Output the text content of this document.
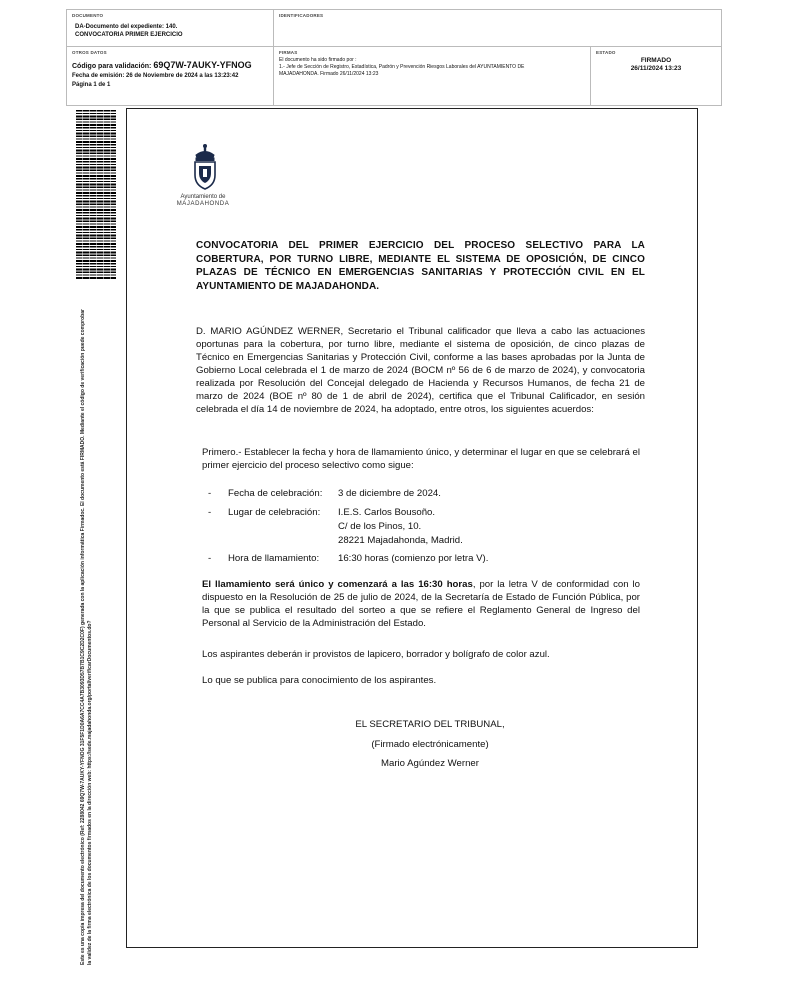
DOCUMENTO
DA-Documento del expediente: 140.
CONVOCATORIA PRIMER EJERCICIO
IDENTIFICADORES
OTROS DATOS
Código para validación: 69Q7W-7AUKY-YFNOG
Fecha de emisión: 26 de Noviembre de 2024 a las 13:23:42
Página 1 de 1
FIRMAS
El documento ha sido firmado por :
1.- Jefe de Sección de Registro, Estadística, Padrón y Prevención Riesgos Laborales del AYUNTAMIENTO DE
MAJADAHONDA. Firmado 26/11/2024 13:23
ESTADO
FIRMADO
26/11/2024 13:23
Este es una copia impresa del documento electrónico (Ref: 2288042 69Q7W-7AUKY-YFNOG 31F5F1D0A6A7CC4A7B3093D57B7B1C9C2D2C0F) generada con la aplicación informática Firmadoc. El documento está FIRMADO. Mediante el código de verificación puede comprobar la validez de la firma electrónica de los documentos firmados en la dirección web: https://sede.majadahonda.org/portal/verificarDocumentos.do?
Ayuntamiento de
MAJADAHONDA
CONVOCATORIA DEL PRIMER EJERCICIO DEL PROCESO SELECTIVO PARA LA COBERTURA, POR TURNO LIBRE, MEDIANTE EL SISTEMA DE OPOSICIÓN, DE CINCO PLAZAS DE TÉCNICO EN EMERGENCIAS SANITARIAS Y PROTECCIÓN CIVIL EN EL AYUNTAMIENTO DE MAJADAHONDA.
D. MARIO AGÚNDEZ WERNER, Secretario el Tribunal calificador que lleva a cabo las actuaciones oportunas para la cobertura, por turno libre, mediante el sistema de oposición, de cinco plazas de Técnico en Emergencias Sanitarias y Protección Civil, conforme a las bases aprobadas por la Junta de Gobierno Local celebrada el 1 de marzo de 2024 (BOCM nº 56 de 6 de marzo de 2024), y convocatoria realizada por Resolución del Concejal delegado de Hacienda y Recursos Humanos, de fecha 21 de marzo de 2024 (BOE nº 80 de 1 de abril de 2024), certifica que el Tribunal Calificador, en sesión celebrada el día 14 de noviembre de 2024, ha adoptado, entre otros, los siguientes acuerdos:
Primero.- Establecer la fecha y hora de llamamiento único, y determinar el lugar en que se celebrará el primer ejercicio del proceso selectivo como sigue:
- Fecha de celebración: 3 de diciembre de 2024.
- Lugar de celebración: I.E.S. Carlos Bousoño.
C/ de los Pinos, 10.
28221 Majadahonda, Madrid.
- Hora de llamamiento: 16:30 horas (comienzo por letra V).
El llamamiento será único y comenzará a las 16:30 horas, por la letra V de conformidad con lo dispuesto en la Resolución de 25 de julio de 2024, de la Secretaría de Estado de Función Pública, por la que se publica el resultado del sorteo a que se refiere el Reglamento General de Ingreso del Personal al Servicio de la Administración del Estado.
Los aspirantes deberán ir provistos de lapicero, borrador y bolígrafo de color azul.
Lo que se publica para conocimiento de los aspirantes.
EL SECRETARIO DEL TRIBUNAL,
(Firmado electrónicamente)
Mario Agúndez Werner
